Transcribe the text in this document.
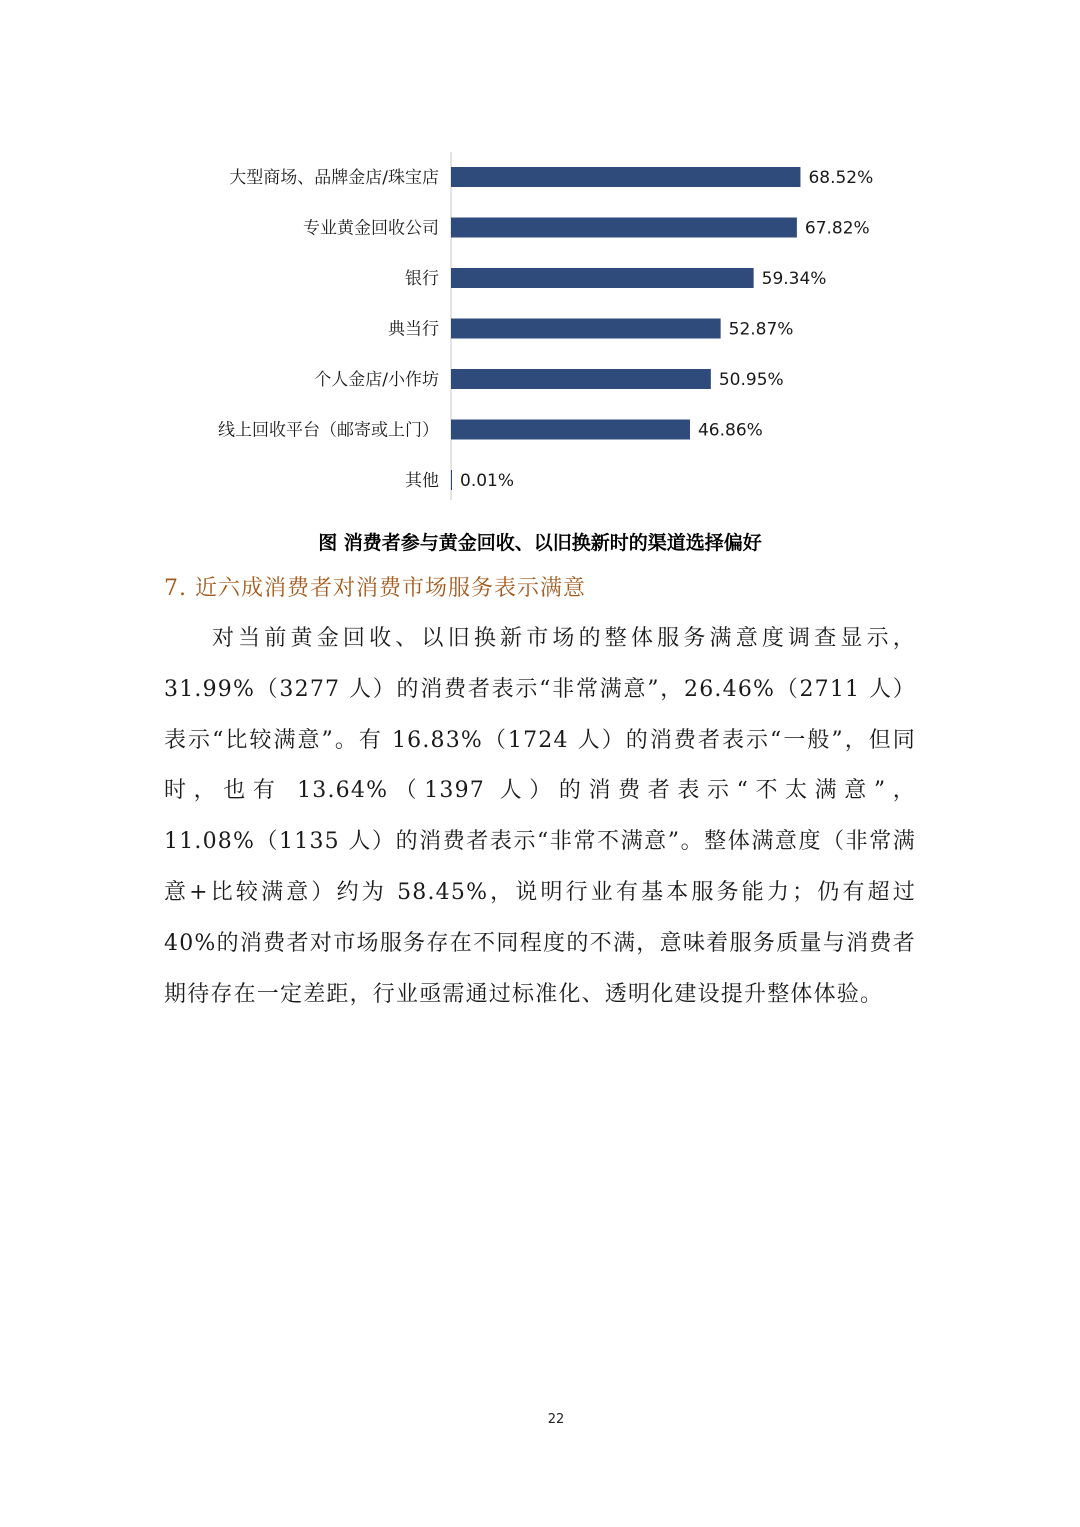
大型商场、品牌金店/珠宝店	68.52%
专业黄金回收公司	67.82%
银行	59.34%
典当行	52.87%
个人金店/小作坊	50.95%
线上回收平台（邮寄或上门）	46.86%
其他 0.01%
图 消费者参与黄金回收、以旧换新时的渠道选择偏好
7. 近六成消费者对消费市场服务表示满意
对当前黄金回收、以旧换新市场的整体服务满意度调查显示，31.99%（3277 人）的消费者表示“非常满意”，26.46%（2711 人）表示“比较满意”。有 16.83%（1724 人）的消费者表示“一般”，但同时，也有 13.64%（1397 人）的消费者表示“不太满意”，11.08%（1135 人）的消费者表示“非常不满意”。整体满意度（非常满意+比较满意）约为 58.45%，说明行业有基本服务能力；仍有超过 40%的消费者对市场服务存在不同程度的不满，意味着服务质量与消费者期待存在一定差距，行业亟需通过标准化、透明化建设提升整体体验。
22
